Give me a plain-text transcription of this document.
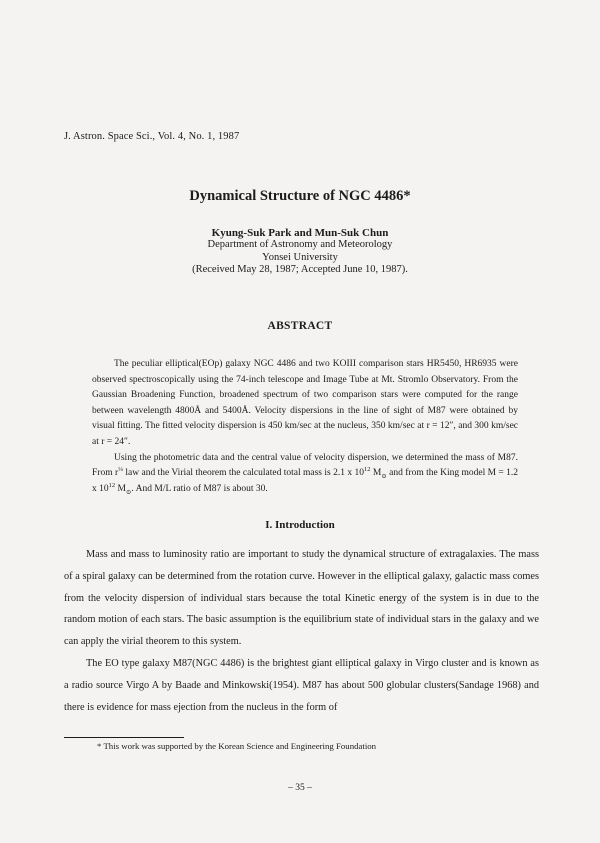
J. Astron. Space Sci., Vol. 4, No. 1, 1987
Dynamical Structure of NGC 4486*
Kyung-Suk Park and Mun-Suk Chun
Department of Astronomy and Meteorology
Yonsei University
(Received May 28, 1987; Accepted June 10, 1987).
ABSTRACT

The peculiar elliptical(EOp) galaxy NGC 4486 and two KOIII comparison stars HR5450, HR6935 were observed spectroscopically using the 74-inch telescope and Image Tube at Mt. Stromlo Observatory. From the Gaussian Broadening Function, broadened spectrum of two comparison stars were computed for the range between wavelength 4800Å and 5400Å. Velocity dispersions in the line of sight of M87 were obtained by visual fitting. The fitted velocity dispersion is 450 km/sec at the nucleus, 350 km/sec at r = 12″, and 300 km/sec at r = 24″.

Using the photometric data and the central value of velocity dispersion, we determined the mass of M87. From $r^{\frac{1}{4}}$ law and the Virial theorem the calculated total mass is 2.1 x $10^{12}$ $M_⊙$ and from the King model M = 1.2 x $10^{12}$ $M_⊙$. And M/L ratio of M87 is about 30.

I. Introduction

Mass and mass to luminosity ratio are important to study the dynamical structure of extragalaxies. The mass of a spiral galaxy can be determined from the rotation curve. However in the elliptical galaxy, galactic mass comes from the velocity dispersion of individual stars because the total Kinetic energy of the system is in due to the random motion of each stars. The basic assumption is the equilibrium state of individual stars in the galaxy and we can apply the virial theorem to this system.

The EO type galaxy M87(NGC 4486) is the brightest giant elliptical galaxy in Virgo cluster and is known as a radio source Virgo A by Baade and Minkowski(1954). M87 has about 500 globular clusters(Sandage 1968) and there is evidence for mass ejection from the nucleus in the form of

* This work was supported by the Korean Science and Engineering Foundation
– 35 –
